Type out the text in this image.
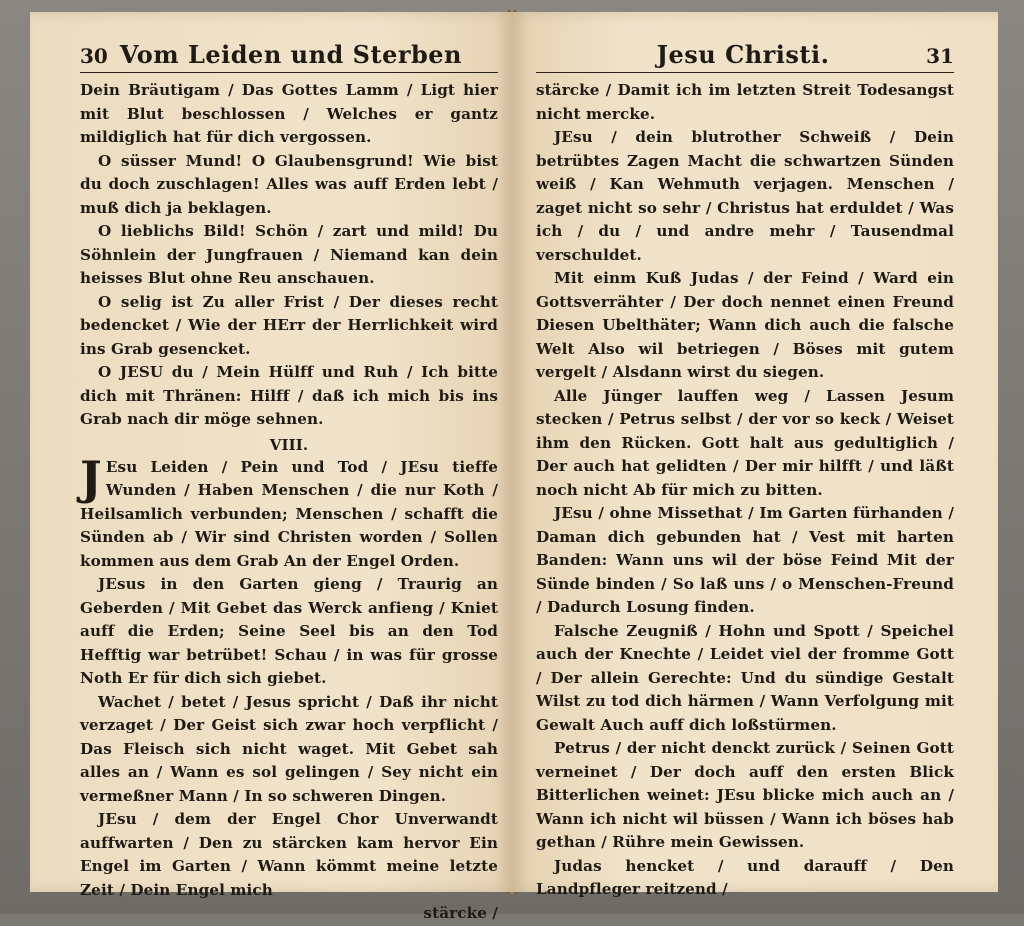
30 Vom Leiden und Sterben

Dein Bräutigam / Das Gottes Lamm / Ligt hier mit Blut beschlossen / Welches er gantz mildiglich hat für dich vergossen.

O süsser Mund! O Glaubensgrund! Wie bist du doch zuschlagen! Alles was auff Erden lebt / muß dich ja beklagen.

O lieblichs Bild! Schön / zart und mild! Du Söhnlein der Jungfrauen / Niemand kan dein heisses Blut ohne Reu anschauen.

O selig ist Zu aller Frist / Der dieses recht bedencket / Wie der HErr der Herrlichkeit wird ins Grab gesencket.

O JESU du / Mein Hülff und Ruh / Ich bitte dich mit Thränen: Hilff / daß ich mich bis ins Grab nach dir möge sehnen.

VIII.

J Esu Leiden / Pein und Tod / JEsu tieffe Wunden / Haben Menschen / die nur Koth / Heilsamlich verbunden; Menschen / schafft die Sünden ab / Wir sind Christen worden / Sollen kommen aus dem Grab An der Engel Orden.

JEsus in den Garten gieng / Traurig an Geberden / Mit Gebet das Werck anfieng / Kniet auff die Erden; Seine Seel bis an den Tod Hefftig war betrübet! Schau / in was für grosse Noth Er für dich sich giebet.

Wachet / betet / Jesus spricht / Daß ihr nicht verzaget / Der Geist sich zwar hoch verpflicht / Das Fleisch sich nicht waget. Mit Gebet sah alles an / Wann es sol gelingen / Sey nicht ein vermeßner Mann / In so schweren Dingen.

JEsu / dem der Engel Chor Unverwandt auffwarten / Den zu stärcken kam hervor Ein Engel im Garten / Wann kömmt meine letzte Zeit / Dein Engel mich

stärcke /
Jesu Christi.	31

stärcke / Damit ich im letzten Streit Todesangst nicht mercke.

JEsu / dein blutrother Schweiß / Dein betrübtes Zagen Macht die schwartzen Sünden weiß / Kan Wehmuth verjagen. Menschen / zaget nicht so sehr / Christus hat erduldet / Was ich / du / und andre mehr / Tausendmal verschuldet.

Mit einm Kuß Judas / der Feind / Ward ein Gottsverrähter / Der doch nennet einen Freund Diesen Ubelthäter; Wann dich auch die falsche Welt Also wil betriegen / Böses mit gutem vergelt / Alsdann wirst du siegen.

Alle Jünger lauffen weg / Lassen Jesum stecken / Petrus selbst / der vor so keck / Weiset ihm den Rücken. Gott halt aus gedultiglich / Der auch hat gelidten / Der mir hilfft / und läßt noch nicht Ab für mich zu bitten.

JEsu / ohne Missethat / Im Garten fürhanden / Daman dich gebunden hat / Vest mit harten Banden: Wann uns wil der böse Feind Mit der Sünde binden / So laß uns / o Menschen-Freund / Dadurch Losung finden.

Falsche Zeugniß / Hohn und Spott / Speichel auch der Knechte / Leidet viel der fromme Gott / Der allein Gerechte: Und du sündige Gestalt Wilst zu tod dich härmen / Wann Verfolgung mit Gewalt Auch auff dich loßstürmen.

Petrus / der nicht denckt zurück / Seinen Gott verneinet / Der doch auff den ersten Blick Bitterlichen weinet: JEsu blicke mich auch an / Wann ich nicht wil büssen / Wann ich böses hab gethan / Rühre mein Gewissen.

Judas hencket / und darauff / Den Landpfleger reitzend /
